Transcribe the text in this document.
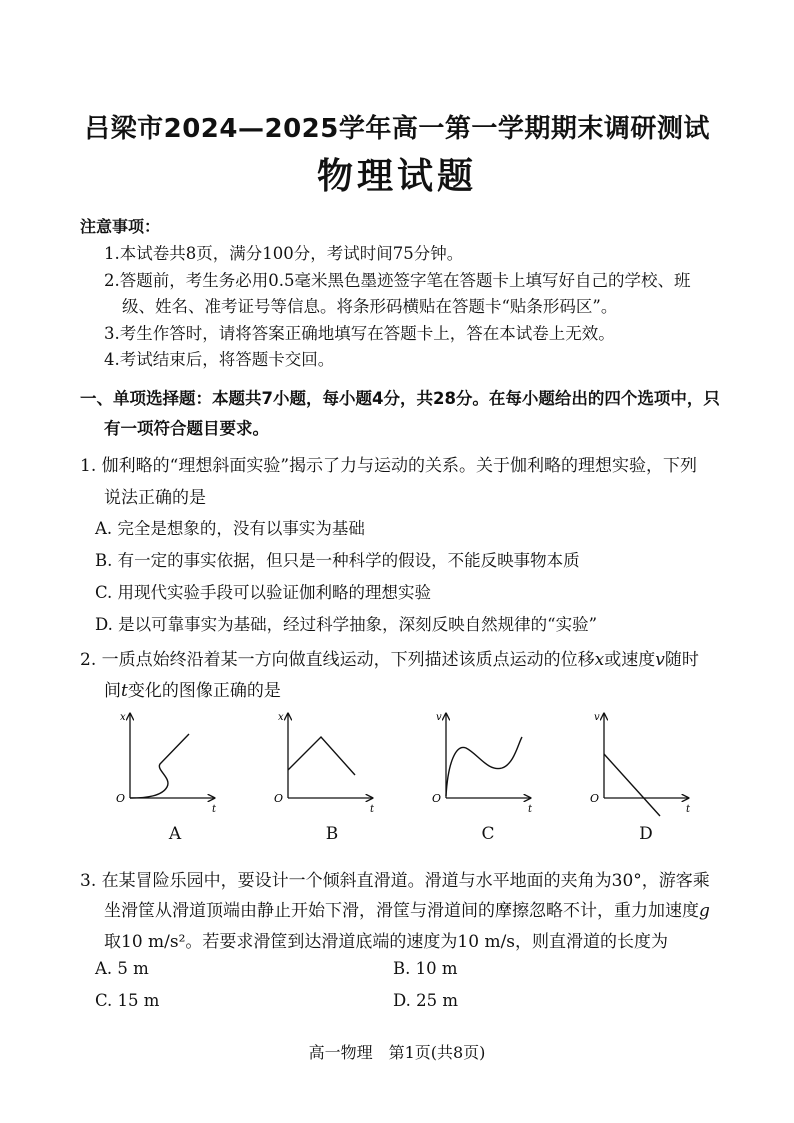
吕梁市2024—2025学年高一第一学期期末调研测试
物理试题
注意事项：
1.本试卷共8页，满分100分，考试时间75分钟。
2.答题前，考生务必用0.5毫米黑色墨迹签字笔在答题卡上填写好自己的学校、班
级、姓名、准考证号等信息。将条形码横贴在答题卡“贴条形码区”。
3.考生作答时，请将答案正确地填写在答题卡上，答在本试卷上无效。
4.考试结束后，将答题卡交回。
一、单项选择题：本题共7小题，每小题4分，共28分。在每小题给出的四个选项中，只
有一项符合题目要求。
1. 伽利略的“理想斜面实验”揭示了力与运动的关系。关于伽利略的理想实验，下列
说法正确的是
A. 完全是想象的，没有以事实为基础
B. 有一定的事实依据，但只是一种科学的假设，不能反映事物本质
C. 用现代实验手段可以验证伽利略的理想实验
D. 是以可靠事实为基础，经过科学抽象，深刻反映自然规律的“实验”
2. 一质点始终沿着某一方向做直线运动，下列描述该质点运动的位移x或速度v随时
间t变化的图像正确的是
x
t
O
A
x
t
O
B
v
t
O
C
v
t
O
D
3. 在某冒险乐园中，要设计一个倾斜直滑道。滑道与水平地面的夹角为30°，游客乘
坐滑筐从滑道顶端由静止开始下滑，滑筐与滑道间的摩擦忽略不计，重力加速度g
取10 m/s²。若要求滑筐到达滑道底端的速度为10 m/s，则直滑道的长度为
A. 5 m	B. 10 m
C. 15 m	D. 25 m
高一物理　第1页(共8页)
